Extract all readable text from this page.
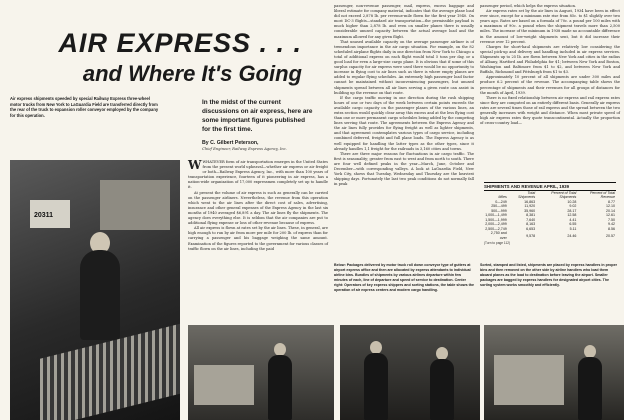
AIR EXPRESS . . .
and Where It's Going
Air express shipments speeded by special Railway Express three-wheel motor trucks from New York to LaGuardia Field are transferred directly from the rear of the truck to expansion roller conveyor employed by the company for this operation.
In the midst of the current discussions on air express, here are some important figures published for the first time.
By C. Gilbert Peterson,
Chief Engineer, Railway Express Agency, Inc.
20311

WWHATEVER form of air transportation emerges in the United States from the present world upheaval—whether air express or air freight or both—Railway Express Agency, Inc., with more than 100 years of transportation experience, fourteen of it pioneering in air express, has a nation-wide organization of 17,000 expressmen completely set up to handle it.

At present the volume of air express is such as generally can be carried on the passenger airliners. Nevertheless, the revenue from this operation which went to the air lines after the direct cost of sales, advertising, insurance and other general expenses of the Express Agency in the last six months of 1940 averaged $6,891 a day. The air lines fly the shipments. The agency does everything else. It is seldom that the air companies are put to additional flying expense or loss of other revenue because of express.

All air express is flown at rates set by the air lines. These, in general, are high enough to run by air from more per mile for 200 lb. of express than for carrying a passenger and his baggage weighing the same amount. Examination of the figures reported to the government for various classes of traffic flown on the air lines, including the paid

passenger, non-revenue passenger, mail, express, excess baggage and liberal estimate for company material, indicates that the average plane load did not exceed 2,878 lb. per revenue-mile flown for the first year 1940. On most DC-3 flights—standard air transportation—the permissible payload is much higher than 2,878 lb. and even on smaller planes there is usually considerable unused capacity between the actual average load and the maximum allowed for any given flight.

That unused available capacity on the average passenger airliner is of tremendous importance in the air cargo situation. For example, on the 82 scheduled airplane flights daily in one direction from New York to Chicago a total of additional express on each flight would total 5 tons per day, or a good load for even a large-size cargo plane. It is obvious that if some of this surplus capacity for air express were used there would be no opportunity to increase in flying cost to air lines such as there is where empty planes are added to regular flying schedules. An extremely high passenger load factor cannot be maintained without inconveniencing passengers, but unused shipments spread between all air lines serving a given route can assist in building up the revenue on that route.

If the cargo traffic moving in one direction during the rush shipping hours of one or two days of the week between certain points exceeds the available cargo capacity on the passenger planes of the various lines, an extra section would quickly clear away this excess and at the less flying cost than one or more permanent cargo schedules being added by the competing lines serving that route. The agreements between the Express Agency and the air lines fully provides for flying freight as well as lighter shipments, and that agreement contemplates various types of cargo service, including combined deferred, freight and full plane loads. The Express Agency is as well equipped for handling the latter types as the other types, since it already handles 1,1 freight for the railroads in 3,160 cities and towns.

There are three major reasons for fluctuations in air cargo traffic. The first is seasonality; greater from east to west and from north to south. There are four well defined peaks in the year—March, June, October and December—with corresponding valleys. A look at LaGuardia Field, New York City, shows that Tuesday, Wednesday and Thursday are the heaviest shipping days. Fortunately the last two peak conditions do not normally fall in peak

passenger period, which helps the express situation.

Air express rates set by the air lines in August, 1934 have been in effect ever since, except for a minimum rate rise from 85c. to $1 slightly over two years ago. Rates are based on a formula of 70c. a pound per 100 miles with a maximum of 90c. a pound when the shipment travels more than 2,500 miles. The increase of the minimum in 1938 made no accountable difference in the amount of low-weight shipments sent, but it did increase their revenue over 12 percent.

Charges for short-haul shipments are relatively low considering the special pick-up and delivery and handling included in air express services. Shipments up to 25 lb. are flown between New York and cities in the radius of Albany, Hartford and Philadelphia for $1; between New York and Boston, Washington and Baltimore from $1 to $2, and between New York and Buffalo, Richmond and Pittsburgh from $1 to $3.

Approximately 10 percent of all shipments are under 300 miles and produce 6.2 percent of the revenue. The accompanying table shows the percentage of shipments and their revenues for all groups of distances for the month of April, 1939.

There is no fixed relationship between air express and rail express rates since they are computed on an entirely different basis. Generally air express rates are several times those of rail express and the spread between the two generally increases with weight and distance. When most private speed of high air express rates they quote transcontinental. Actually the proportion of cross-country load—

SHIPMENTS AND REVENUE APRIL, 1939
Miles	Total Shipments	Percent of Total Shipments	Percent of Total Revenue
0—249	16,863	10.28	8.77
250—499	11,920	9.02	12.10
500—999	35,960	28.17	20.14
1,000—1,499	8,381	12.58	12.61
1,500—1,999	7,640	4.41	7.50
2,000—2,499	8,163	6.55	9.42
2,500—2,749	6,653	5.11	8.56
2,750 and over	9,578	24.46	20.57
(Turn to page 112)
Below: Packages delivered by motor truck roll down conveyor type of gutters at airport express office and then are allocated by express attendants to individual airline bins. Bundles of shipments by various airlines departure within few minutes of each, line of departure and speed of service to destination. Center right: Operators of key express shippers and sorting stations, the table shows the operation of air express centers and modern cargo handling.
Sorted, stamped and listed, shipments are placed by express handlers in proper bins and then removed on the other side by airline handlers who load them aboard planes as the load to destination before leaving the airport. Smaller packages are bagged by express handlers for designated airport cities. The sorting system works smoothly and efficiently.
